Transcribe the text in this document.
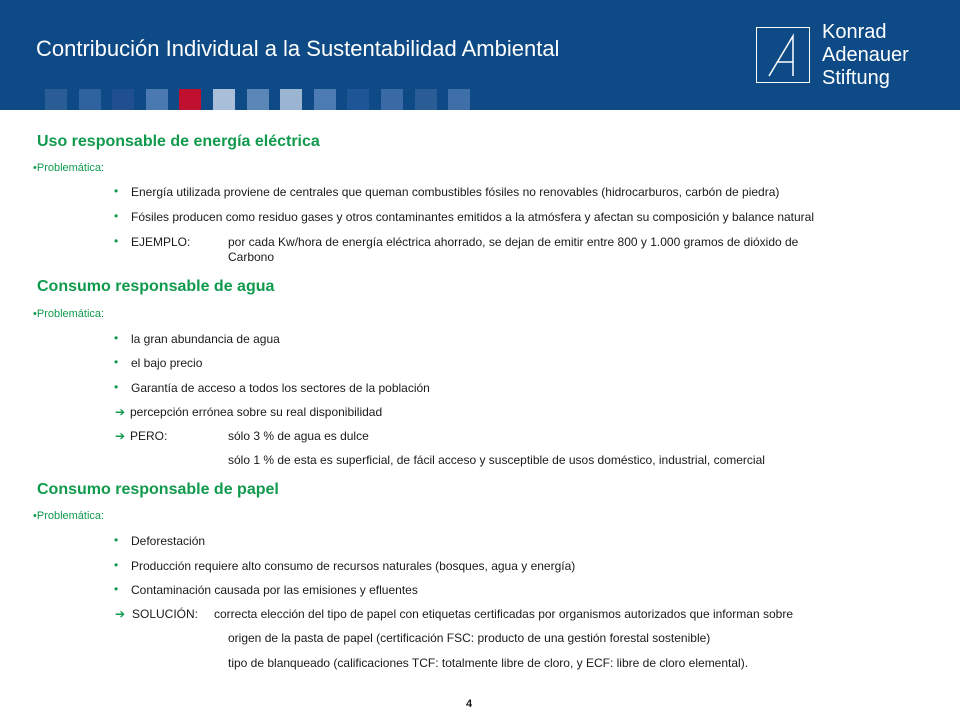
Contribución Individual a la Sustentabilidad Ambiental
Konrad
Adenauer
Stiftung
Uso responsable de energía eléctrica
•Problemática:
• Energía utilizada proviene de centrales que queman combustibles fósiles no renovables (hidrocarburos, carbón de piedra)
• Fósiles producen como residuo gases y otros contaminantes emitidos a la atmósfera y afectan su composición y balance natural
• EJEMPLO:	por cada Kw/hora de energía eléctrica ahorrado, se dejan de emitir entre 800 y 1.000 gramos de dióxido de
Carbono
Consumo responsable de agua
•Problemática:
• la gran abundancia de agua
• el bajo precio
• Garantía de acceso a todos los sectores de la población
➔ percepción errónea sobre su real disponibilidad
➔ PERO:	sólo 3 % de agua es dulce
sólo 1 % de esta es superficial, de fácil acceso y susceptible de usos doméstico, industrial, comercial
Consumo responsable de papel
•Problemática:
• Deforestación
• Producción requiere alto consumo de recursos naturales (bosques, agua y energía)
• Contaminación causada por las emisiones y efluentes
➔ SOLUCIÓN: correcta elección del tipo de papel con etiquetas certificadas por organismos autorizados que informan sobre
origen de la pasta de papel (certificación FSC: producto de una gestión forestal sostenible)
tipo de blanqueado (calificaciones TCF: totalmente libre de cloro, y ECF: libre de cloro elemental).
4
